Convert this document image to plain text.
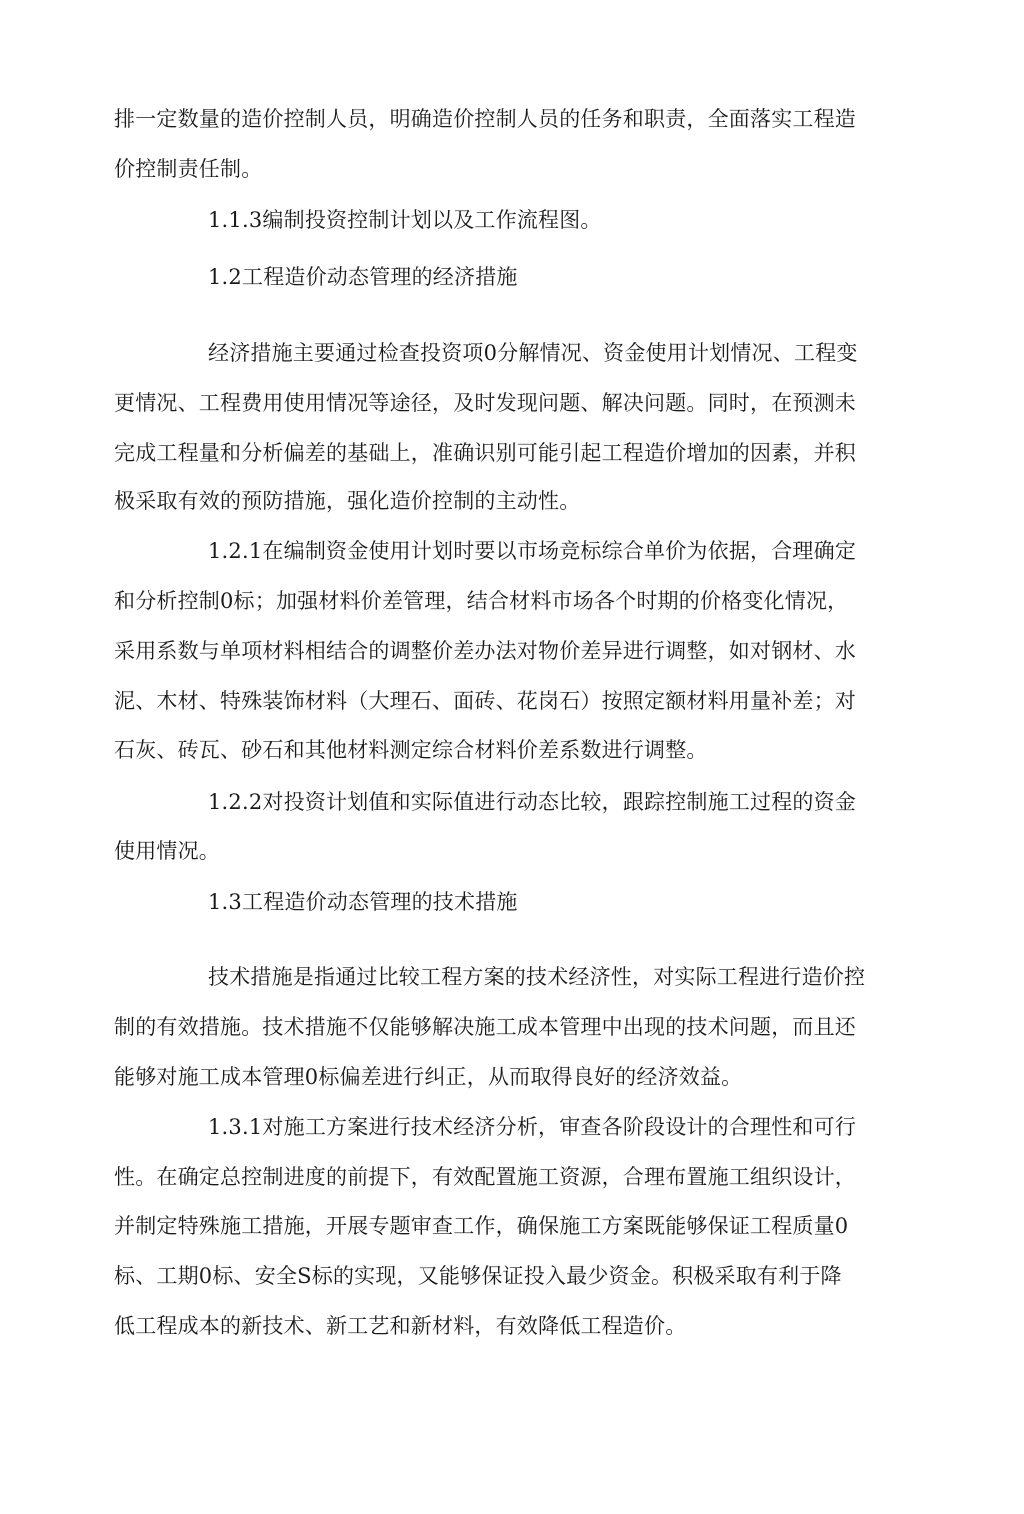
排一定数量的造价控制人员，明确造价控制人员的任务和职责，全面落实工程造
价控制责任制。
1.1.3编制投资控制计划以及工作流程图。
1.2工程造价动态管理的经济措施
经济措施主要通过检查投资项0分解情况、资金使用计划情况、工程变
更情况、工程费用使用情况等途径，及时发现问题、解决问题。同时，在预测未
完成工程量和分析偏差的基础上，准确识别可能引起工程造价增加的因素，并积
极采取有效的预防措施，强化造价控制的主动性。
1.2.1在编制资金使用计划时要以市场竞标综合单价为依据，合理确定
和分析控制0标；加强材料价差管理，结合材料市场各个时期的价格变化情况，
采用系数与单项材料相结合的调整价差办法对物价差异进行调整，如对钢材、水
泥、木材、特殊装饰材料（大理石、面砖、花岗石）按照定额材料用量补差；对
石灰、砖瓦、砂石和其他材料测定综合材料价差系数进行调整。
1.2.2对投资计划值和实际值进行动态比较，跟踪控制施工过程的资金
使用情况。
1.3工程造价动态管理的技术措施
技术措施是指通过比较工程方案的技术经济性，对实际工程进行造价控
制的有效措施。技术措施不仅能够解决施工成本管理中出现的技术问题，而且还
能够对施工成本管理0标偏差进行纠正，从而取得良好的经济效益。
1.3.1对施工方案进行技术经济分析，审查各阶段设计的合理性和可行
性。在确定总控制进度的前提下，有效配置施工资源，合理布置施工组织设计，
并制定特殊施工措施，开展专题审查工作，确保施工方案既能够保证工程质量0
标、工期0标、安全S标的实现，又能够保证投入最少资金。积极采取有利于降
低工程成本的新技术、新工艺和新材料，有效降低工程造价。
